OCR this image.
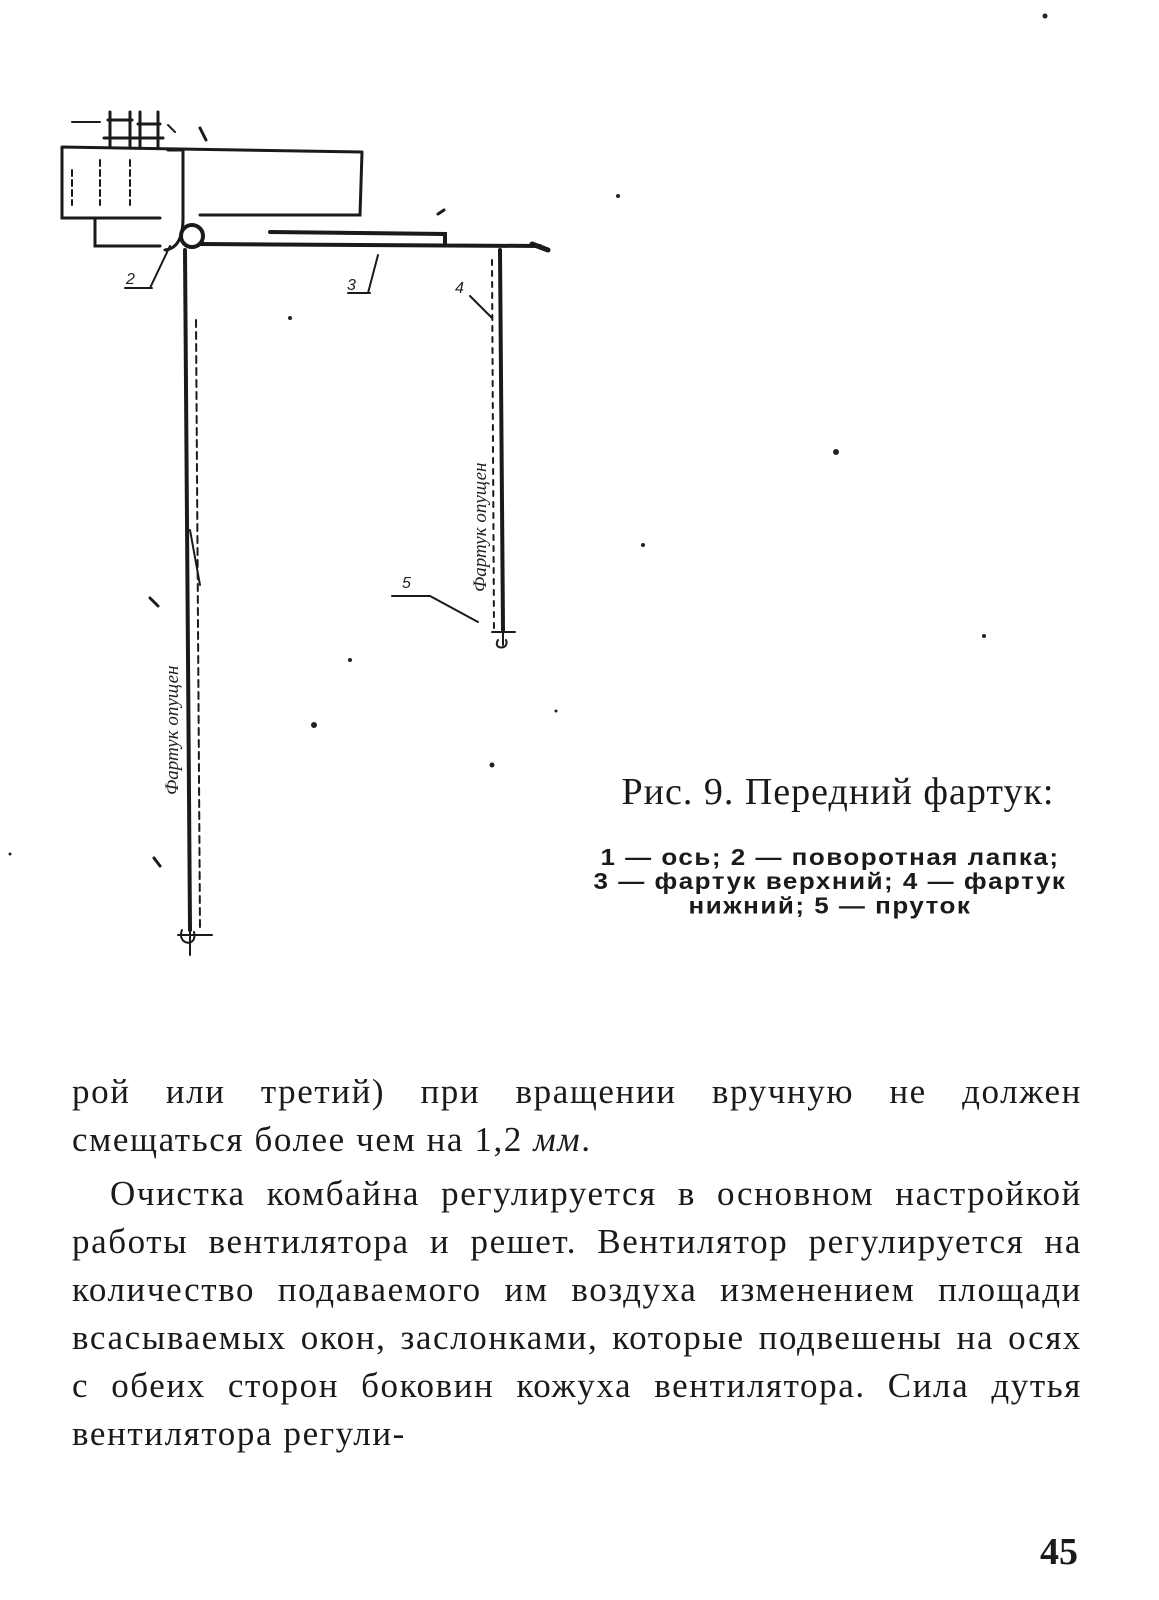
2	3	4
5
Фартук опущен
Фартук опущен
Рис. 9. Передний фартук:
1 — ось; 2 — поворотная лапка;
3 — фартук верхний; 4 — фартук
нижний; 5 — пруток

рой или третий) при вращении вручную не должен смещаться более чем на 1,2 мм.

Очистка комбайна регулируется в основном настройкой работы вентилятора и решет. Вентилятор регулируется на количество подаваемого им воздуха изменением площади всасываемых окон, заслонками, которые подвешены на осях с обеих сторон боковин кожуха вентилятора. Сила дутья вентилятора регули-

45
